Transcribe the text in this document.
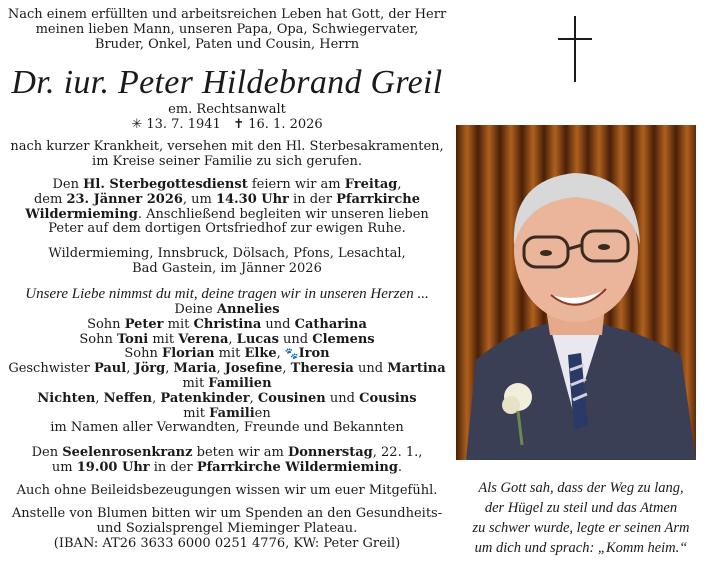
Nach einem erfüllten und arbeitsreichen Leben hat Gott, der Herr
meinen lieben Mann, unseren Papa, Opa, Schwiegervater,
Bruder, Onkel, Paten und Cousin, Herrn
Dr. iur. Peter Hildebrand Greil
em. Rechtsanwalt
✳ 13. 7. 1941 ✝ 16. 1. 2026
nach kurzer Krankheit, versehen mit den Hl. Sterbesakramenten,
im Kreise seiner Familie zu sich gerufen.
Den Hl. Sterbegottesdienst feiern wir am Freitag,
dem 23. Jänner 2026, um 14.30 Uhr in der Pfarrkirche
Wildermieming. Anschließend begleiten wir unseren lieben
Peter auf dem dortigen Ortsfriedhof zur ewigen Ruhe.
Wildermieming, Innsbruck, Dölsach, Pfons, Lesachtal,
Bad Gastein, im Jänner 2026
Unsere Liebe nimmst du mit, deine tragen wir in unseren Herzen ...
Deine Annelies
Sohn Peter mit Christina und Catharina
Sohn Toni mit Verena, Lucas und Clemens
Sohn Florian mit Elke, 🐾Iron
Geschwister Paul, Jörg, Maria, Josefine, Theresia und Martina
mit Familien
Nichten, Neffen, Patenkinder, Cousinen und Cousins
mit Familien
im Namen aller Verwandten, Freunde und Bekannten
Den Seelenrosenkranz beten wir am Donnerstag, 22. 1.,
um 19.00 Uhr in der Pfarrkirche Wildermieming.
Auch ohne Beileidsbezeugungen wissen wir um euer Mitgefühl.
Anstelle von Blumen bitten wir um Spenden an den Gesundheits-
und Sozialsprengel Mieminger Plateau.
(IBAN: AT26 3633 6000 0251 4776, KW: Peter Greil)
Als Gott sah, dass der Weg zu lang,
der Hügel zu steil und das Atmen
zu schwer wurde, legte er seinen Arm
um dich und sprach: „Komm heim.“
